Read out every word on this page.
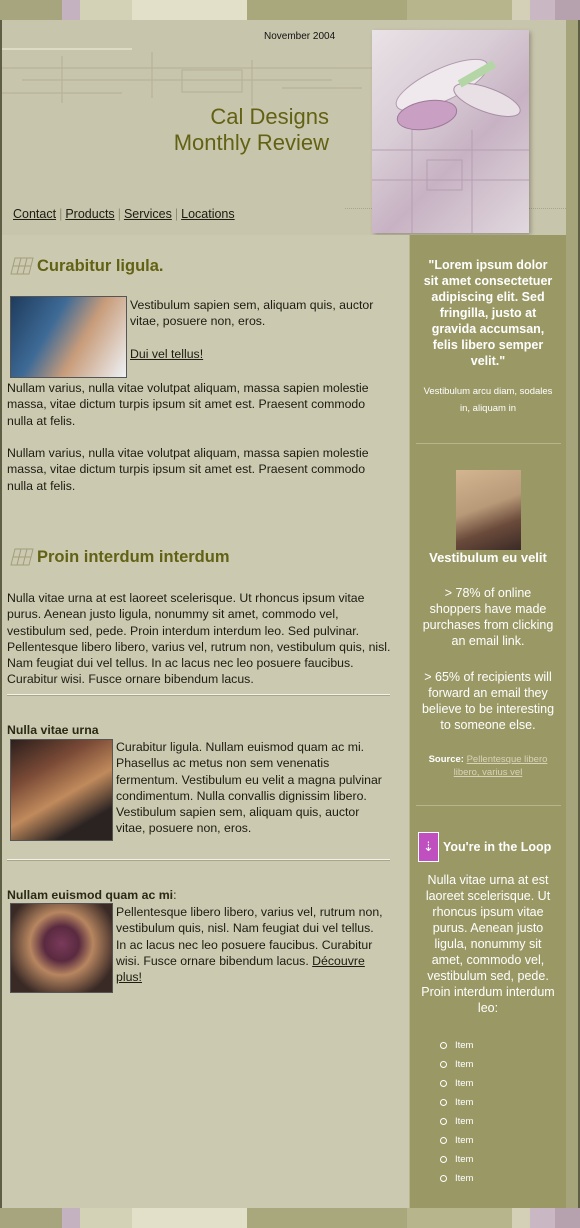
November 2004
Cal Designs
Monthly Review
Contact | Products | Services | Locations
"Lorem ipsum dolor sit amet consectetuer adipiscing elit. Sed fringilla, justo at gravida accumsan, felis libero semper velit."
Vestibulum arcu diam, sodales in, aliquam in
Vestibulum eu velit
> 78% of online shoppers have made purchases from clicking an email link.
> 65% of recipients will forward an email they believe to be interesting to someone else.
Source: Pellentesque libero libero, varius vel
⇣ You're in the Loop
Nulla vitae urna at est laoreet scelerisque. Ut rhoncus ipsum vitae purus. Aenean justo ligula, nonummy sit amet, commodo vel, vestibulum sed, pede. Proin interdum interdum leo:
Item
Item
Item
Item
Item
Item
Item
Item
Curabitur ligula.
Vestibulum sapien sem, aliquam quis, auctor vitae, posuere non, eros.
Dui vel tellus!
Nullam varius, nulla vitae volutpat aliquam, massa sapien molestie massa, vitae dictum turpis ipsum sit amet est. Praesent commodo nulla at felis.
Nullam varius, nulla vitae volutpat aliquam, massa sapien molestie massa, vitae dictum turpis ipsum sit amet est. Praesent commodo nulla at felis.
Proin interdum interdum
Nulla vitae urna at est laoreet scelerisque. Ut rhoncus ipsum vitae purus. Aenean justo ligula, nonummy sit amet, commodo vel, vestibulum sed, pede. Proin interdum interdum leo. Sed pulvinar. Pellentesque libero libero, varius vel, rutrum non, vestibulum quis, nisl. Nam feugiat dui vel tellus. In ac lacus nec leo posuere faucibus. Curabitur wisi. Fusce ornare bibendum lacus.
Nulla vitae urna
Curabitur ligula. Nullam euismod quam ac mi. Phasellus ac metus non sem venenatis fermentum. Vestibulum eu velit a magna pulvinar condimentum. Nulla convallis dignissim libero. Vestibulum sapien sem, aliquam quis, auctor vitae, posuere non, eros.
Nullam euismod quam ac mi:
Pellentesque libero libero, varius vel, rutrum non, vestibulum quis, nisl. Nam feugiat dui vel tellus. In ac lacus nec leo posuere faucibus. Curabitur wisi. Fusce ornare bibendum lacus. Découvre plus!
